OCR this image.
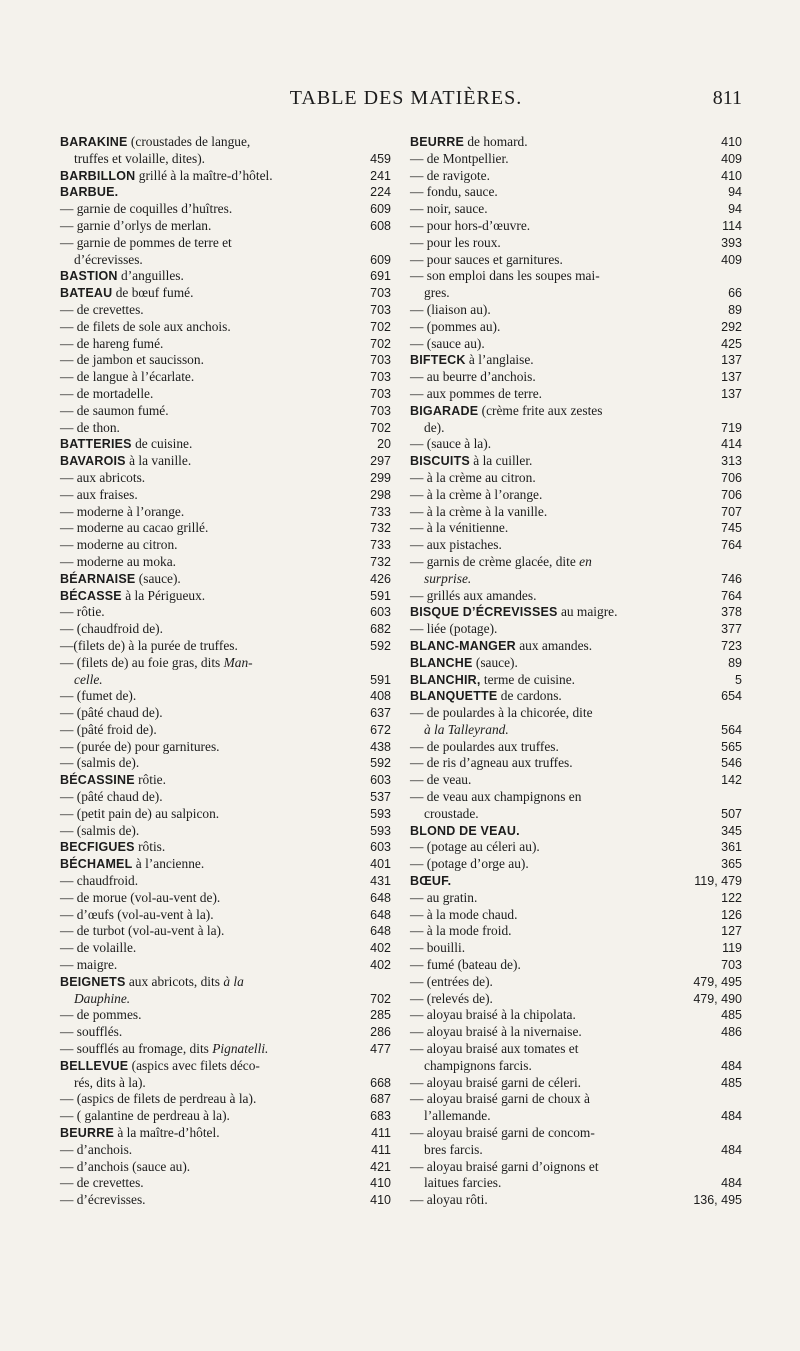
TABLE DES MATIÈRES.	811
BARAKINE (croustades de langue,
truffes et volaille, dites).	459
BARBILLON grillé à la maître-d’hôtel.	241
BARBUE.	224
— garnie de coquilles d’huîtres.	609
— garnie d’orlys de merlan.	608
— garnie de pommes de terre et
d’écrevisses.	609
BASTION d’anguilles.	691
BATEAU de bœuf fumé.	703
— de crevettes.	703
— de filets de sole aux anchois.	702
— de hareng fumé.	702
— de jambon et saucisson.	703
— de langue à l’écarlate.	703
— de mortadelle.	703
— de saumon fumé.	703
— de thon.	702
BATTERIES de cuisine.	20
BAVAROIS à la vanille.	297
— aux abricots.	299
— aux fraises.	298
— moderne à l’orange.	733
— moderne au cacao grillé.	732
— moderne au citron.	733
— moderne au moka.	732
BÉARNAISE (sauce).	426
BÉCASSE à la Périgueux.	591
— rôtie.	603
— (chaudfroid de).	682
—(filets de) à la purée de truffes.	592
— (filets de) au foie gras, dits Man-
celle.	591
— (fumet de).	408
— (pâté chaud de).	637
— (pâté froid de).	672
— (purée de) pour garnitures.	438
— (salmis de).	592
BÉCASSINE rôtie.	603
— (pâté chaud de).	537
— (petit pain de) au salpicon.	593
— (salmis de).	593
BECFIGUES rôtis.	603
BÉCHAMEL à l’ancienne.	401
— chaudfroid.	431
— de morue (vol-au-vent de).	648
— d’œufs (vol-au-vent à la).	648
— de turbot (vol-au-vent à la).	648
— de volaille.	402
— maigre.	402
BEIGNETS aux abricots, dits à la
Dauphine.	702
— de pommes.	285
— soufflés.	286
— soufflés au fromage, dits Pignatelli.	477
BELLEVUE (aspics avec filets déco-
rés, dits à la).	668
— (aspics de filets de perdreau à la).	687
— ( galantine de perdreau à la).	683
BEURRE à la maître-d’hôtel.	411
— d’anchois.	411
— d’anchois (sauce au).	421
— de crevettes.	410
— d’écrevisses.	410
BEURRE de homard.	410
— de Montpellier.	409
— de ravigote.	410
— fondu, sauce.	94
— noir, sauce.	94
— pour hors-d’œuvre.	114
— pour les roux.	393
— pour sauces et garnitures.	409
— son emploi dans les soupes mai-
gres.	66
— (liaison au).	89
— (pommes au).	292
— (sauce au).	425
BIFTECK à l’anglaise.	137
— au beurre d’anchois.	137
— aux pommes de terre.	137
BIGARADE (crème frite aux zestes
de).	719
— (sauce à la).	414
BISCUITS à la cuiller.	313
— à la crème au citron.	706
— à la crème à l’orange.	706
— à la crème à la vanille.	707
— à la vénitienne.	745
— aux pistaches.	764
— garnis de crème glacée, dite en
surprise.	746
— grillés aux amandes.	764
BISQUE D’ÉCREVISSES au maigre.	378
— liée (potage).	377
BLANC-MANGER aux amandes.	723
BLANCHE (sauce).	89
BLANCHIR, terme de cuisine.	5
BLANQUETTE de cardons.	654
— de poulardes à la chicorée, dite
à la Talleyrand.	564
— de poulardes aux truffes.	565
— de ris d’agneau aux truffes.	546
— de veau.	142
— de veau aux champignons en
croustade.	507
BLOND DE VEAU.	345
— (potage au céleri au).	361
— (potage d’orge au).	365
BŒUF.	119, 479
— au gratin.	122
— à la mode chaud.	126
— à la mode froid.	127
— bouilli.	119
— fumé (bateau de).	703
— (entrées de).	479, 495
— (relevés de).	479, 490
— aloyau braisé à la chipolata.	485
— aloyau braisé à la nivernaise.	486
— aloyau braisé aux tomates et
champignons farcis.	484
— aloyau braisé garni de céleri.	485
— aloyau braisé garni de choux à
l’allemande.	484
— aloyau braisé garni de concom-
bres farcis.	484
— aloyau braisé garni d’oignons et
laitues farcies.	484
— aloyau rôti.	136, 495
